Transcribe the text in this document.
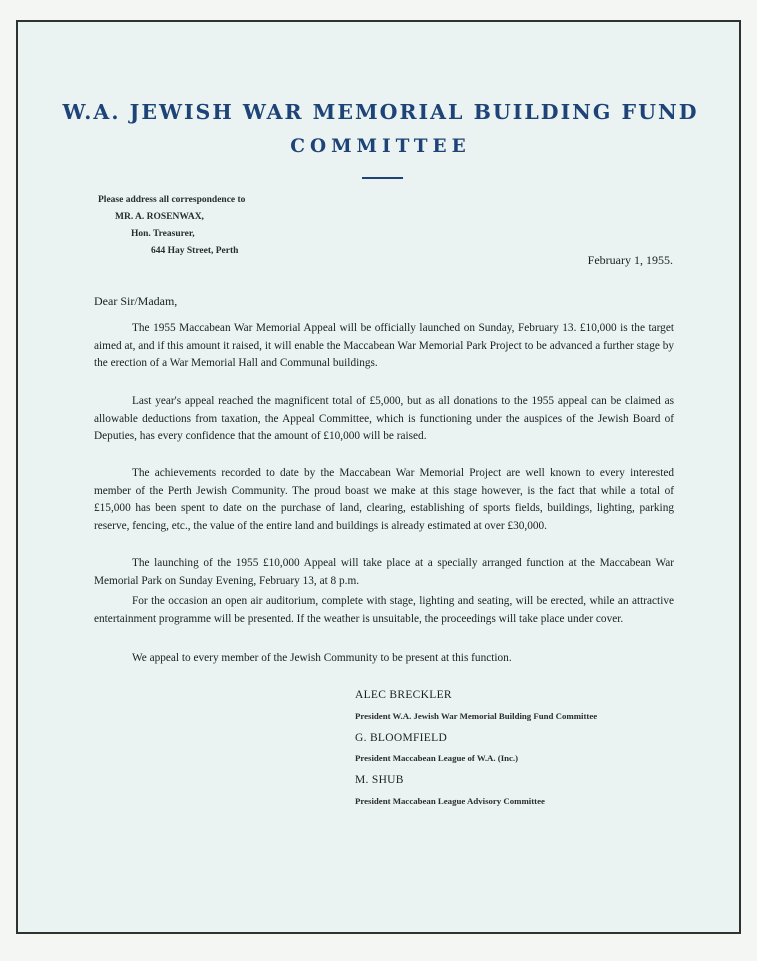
W.A. JEWISH WAR MEMORIAL BUILDING FUND
COMMITTEE
Please address all correspondence to
MR. A. ROSENWAX,
Hon. Treasurer,
644 Hay Street, Perth
February 1, 1955.
Dear Sir/Madam,
The 1955 Maccabean War Memorial Appeal will be officially launched on Sunday, February 13. £10,000 is the target aimed at, and if this amount it raised, it will enable the Maccabean War Memorial Park Project to be advanced a further stage by the erection of a War Memorial Hall and Communal buildings.
Last year's appeal reached the magnificent total of £5,000, but as all donations to the 1955 appeal can be claimed as allowable deductions from taxation, the Appeal Committee, which is functioning under the auspices of the Jewish Board of Deputies, has every confidence that the amount of £10,000 will be raised.
The achievements recorded to date by the Maccabean War Memorial Project are well known to every interested member of the Perth Jewish Community. The proud boast we make at this stage however, is the fact that while a total of £15,000 has been spent to date on the purchase of land, clearing, establishing of sports fields, buildings, lighting, parking reserve, fencing, etc., the value of the entire land and buildings is already estimated at over £30,000.
The launching of the 1955 £10,000 Appeal will take place at a specially arranged function at the Maccabean War Memorial Park on Sunday Evening, February 13, at 8 p.m.
For the occasion an open air auditorium, complete with stage, lighting and seating, will be erected, while an attractive entertainment programme will be presented. If the weather is unsuitable, the proceedings will take place under cover.
We appeal to every member of the Jewish Community to be present at this function.
ALEC BRECKLER
President W.A. Jewish War Memorial Building Fund Committee
G. BLOOMFIELD
President Maccabean League of W.A. (Inc.)
M. SHUB
President Maccabean League Advisory Committee
